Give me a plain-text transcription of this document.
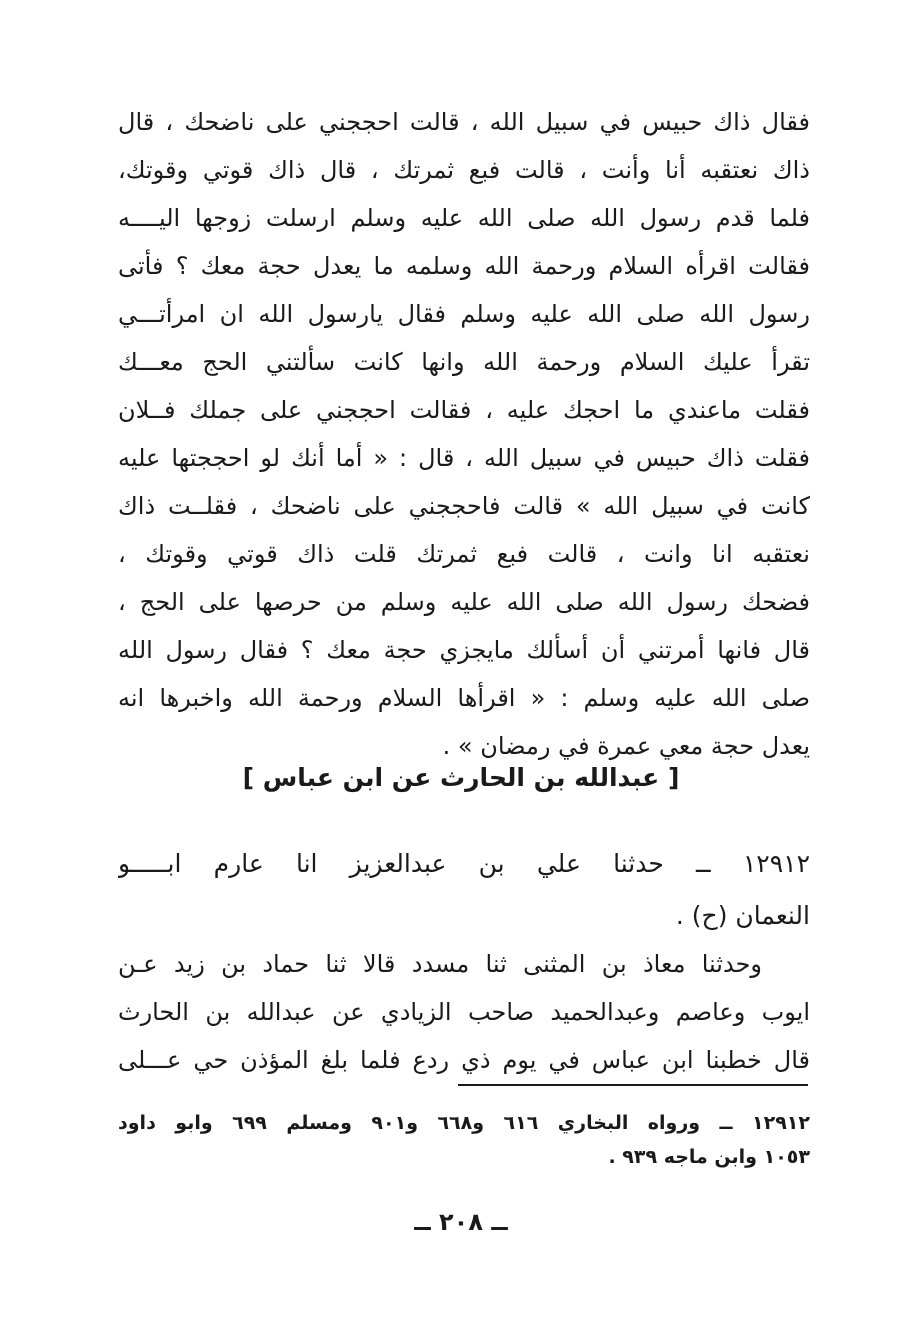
فقال ذاك حبيس في سبيل الله ، قالت احججني على ناضحك ، قال
ذاك نعتقبه أنا وأنت ، قالت فبع ثمرتك ، قال ذاك قوتي وقوتك،
فلما قدم رسول الله صلى الله عليه وسلم ارسلت زوجها اليــــه
فقالت اقرأه السلام ورحمة الله وسلمه ما يعدل حجة معك ؟ فأتى
رسول الله صلى الله عليه وسلم فقال يارسول الله ان امرأتـــي
تقرأ عليك السلام ورحمة الله وانها كانت سألتني الحج معـــك
فقلت ماعندي ما احجك عليه ، فقالت احججني على جملك فــلان
فقلت ذاك حبيس في سبيل الله ، قال : « أما أنك لو احججتها عليه
كانت في سبيل الله » قالت فاحججني على ناضحك ، فقلــت ذاك
نعتقبه انا وانت ، قالت فبع ثمرتك قلت ذاك قوتي وقوتك ،
فضحك رسول الله صلى الله عليه وسلم من حرصها على الحج ،
قال فانها أمرتني أن أسألك مايجزي حجة معك ؟ فقال رسول الله
صلى الله عليه وسلم : « اقرأها السلام ورحمة الله واخبرها انه
يعدل حجة معي عمرة في رمضان » .
[ عبدالله بن الحارث عن ابن عباس ]
١٢٩١٢ ــ حدثنا علي بن عبدالعزيز انا عارم ابـــــو
النعمان (ح) .
وحدثنا معاذ بن المثنى ثنا مسدد قالا ثنا حماد بن زيد عـن
ايوب وعاصم وعبدالحميد صاحب الزيادي عن عبدالله بن الحارث
قال خطبنا ابن عباس في يوم ذي ردع فلما بلغ المؤذن حي عـــلى
١٢٩١٢ ــ ورواه البخاري ٦١٦ و٦٦٨ و٩٠١ ومسلم ٦٩٩ وابو داود
١٠٥٣ وابن ماجه ٩٣٩ .
ــ ٢٠٨ ــ
